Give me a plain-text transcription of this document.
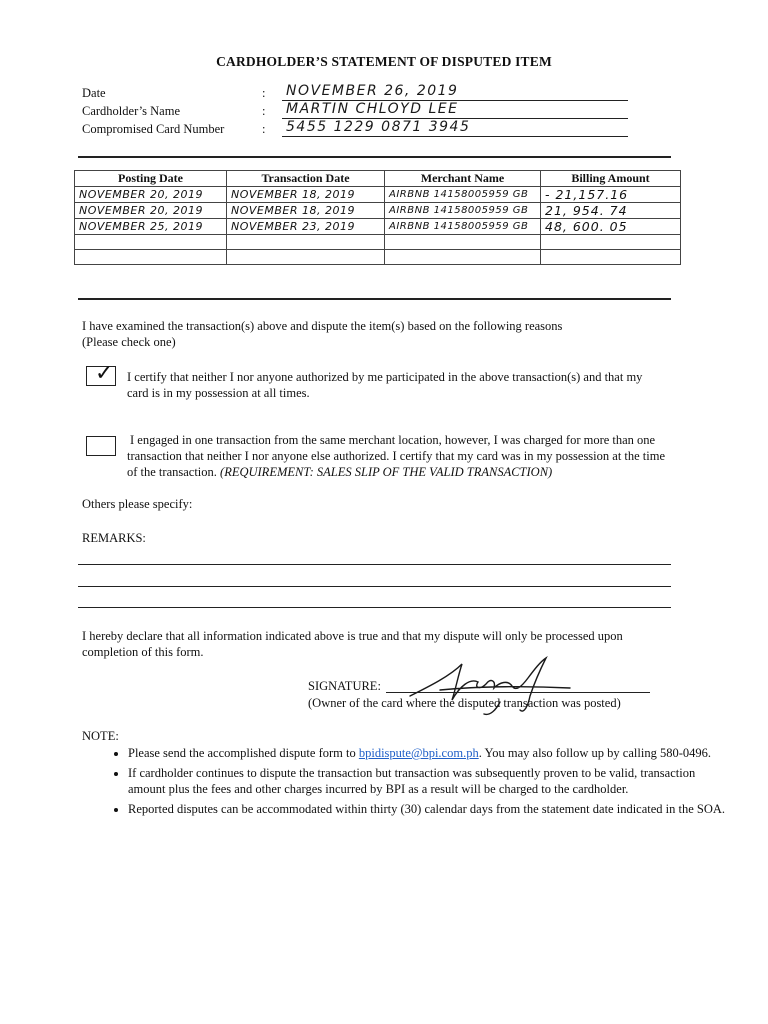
CARDHOLDER’S STATEMENT OF DISPUTED ITEM
Date	: NOVEMBER 26, 2019
Cardholder’s Name	: MARTIN CHLOYD LEE
Compromised Card Number	: 5455 1229 0871 3945
Posting Date	Transaction Date	Merchant Name	Billing Amount
NOVEMBER 20, 2019	NOVEMBER 18, 2019	AIRBNB 14158005959 GB	- 21,157.16
NOVEMBER 20, 2019	NOVEMBER 18, 2019	AIRBNB 14158005959 GB	21, 954. 74
NOVEMBER 25, 2019	NOVEMBER 23, 2019	AIRBNB 14158005959 GB	48, 600. 05

I have examined the transaction(s) above and dispute the item(s) based on the following reasons
(Please check one)
✓ I certify that neither I nor anyone authorized by me participated in the above transaction(s) and that my
card is in my possession at all times.
I engaged in one transaction from the same merchant location, however, I was charged for more than one
transaction that neither I nor anyone else authorized. I certify that my card was in my possession at the time
of the transaction. (REQUIREMENT: SALES SLIP OF THE VALID TRANSACTION)
Others please specify:
REMARKS:
I hereby declare that all information indicated above is true and that my dispute will only be processed upon
completion of this form.
SIGNATURE:
(Owner of the card where the disputed transaction was posted)
NOTE:
• Please send the accomplished dispute form to bpidispute@bpi.com.ph. You may also follow up by calling 580-0496.
• If cardholder continues to dispute the transaction but transaction was subsequently proven to be valid, transaction amount plus the fees and other charges incurred by BPI as a result will be charged to the cardholder.
• Reported disputes can be accommodated within thirty (30) calendar days from the statement date indicated in the SOA.
